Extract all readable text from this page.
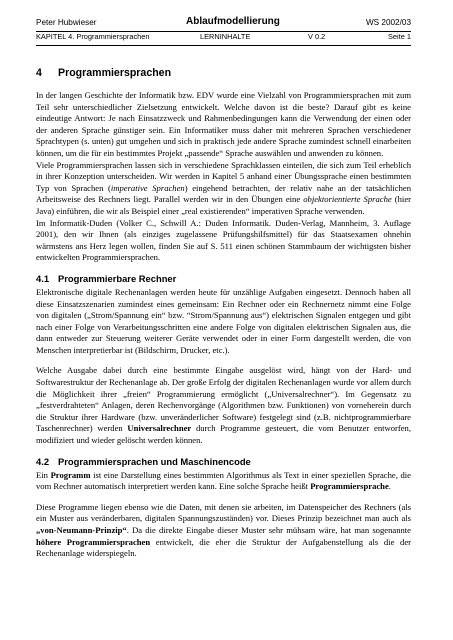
Peter Hubwieser	Ablaufmodellierung	WS 2002/03
KAPITEL 4. Programmiersprachen	LERNINHALTE	V 0.2	Seite 1
4	Programmiersprachen

In der langen Geschichte der Informatik bzw. EDV wurde eine Vielzahl von Programmiersprachen mit zum Teil sehr unterschiedlicher Zielsetzung entwickelt. Welche davon ist die beste? Darauf gibt es keine eindeutige Antwort: Je nach Einsatzzweck und Rahmenbedingungen kann die Verwendung der einen oder der anderen Sprache günstiger sein. Ein Informatiker muss daher mit mehreren Sprachen verschiedener Sprachtypen (s. unten) gut umgehen und sich in praktisch jede andere Sprache zumindest schnell einarbeiten können, um die für ein bestimmtes Projekt „passende“ Sprache auswählen und anwenden zu können.

Viele Programmiersprachen lassen sich in verschiedene Sprachklassen einteilen, die sich zum Teil erheblich in ihrer Konzeption unterscheiden. Wir werden in Kapitel 5 anhand einer Übungssprache einen bestimmten Typ von Sprachen (imperative Sprachen) eingehend betrachten, der relativ nahe an der tatsächlichen Arbeitsweise des Rechners liegt. Parallel werden wir in den Übungen eine objektorientierte Sprache (hier Java) einführen, die wir als Beispiel einer „real existierenden“ imperativen Sprache verwenden.

Im Informatik-Duden (Volker C., Schwill A.: Duden Informatik. Duden-Verlag, Mannheim, 3. Auflage 2001), den wir Ihnen (als einziges zugelassene Prüfungshilfsmittel) für das Staatsexamen ohnehin wärmstens ans Herz legen wollen, finden Sie auf S. 511 einen schönen Stammbaum der wichtigsten bisher entwickelten Programmiersprachen.

4.1 Programmierbare Rechner

Elektronische digitale Rechenanlagen werden heute für unzählige Aufgaben eingesetzt. Dennoch haben all diese Einsatzszenarien zumindest eines gemeinsam: Ein Rechner oder ein Rechnernetz nimmt eine Folge von digitalen („Strom/Spannung ein“ bzw. “Strom/Spannung aus“) elektrischen Signalen entgegen und gibt nach einer Folge von Verarbeitungsschritten eine andere Folge von digitalen elektrischen Signalen aus, die dann entweder zur Steuerung weiterer Geräte verwendet oder in einer Form dargestellt werden, die von Menschen interpretierbar ist (Bildschirm, Drucker, etc.).

Welche Ausgabe dabei durch eine bestimmte Eingabe ausgelöst wird, hängt von der Hard- und Softwarestruktur der Rechenanlage ab. Der große Erfolg der digitalen Rechenanlagen wurde vor allem durch die Möglichkeit ihrer „freien“ Programmierung ermöglicht („Universalrechner“). Im Gegensatz zu „festverdrahteten“ Anlagen, deren Rechenvorgänge (Algorithmen bzw. Funktionen) von vorneherein durch die Struktur ihrer Hardware (bzw. unveränderlicher Software) festgelegt sind (z.B. nichtprogrammierbare Taschenrechner) werden Universalrechner durch Programme gesteuert, die vom Benutzer entworfen, modifiziert und wieder gelöscht werden können.

4.2 Programmiersprachen und Maschinencode

Ein Programm ist eine Darstellung eines bestimmten Algorithmus als Text in einer speziellen Sprache, die vom Rechner automatisch interpretiert werden kann. Eine solche Sprache heißt Programmiersprache.

Diese Programme liegen ebenso wie die Daten, mit denen sie arbeiten, im Datenspeicher des Rechners (als ein Muster aus veränderbaren, digitalen Spannungszuständen) vor. Dieses Prinzip bezeichnet man auch als „von-Neumann-Prinzip“. Da die direkte Eingabe dieser Muster sehr mühsam wäre, hat man sogenannte höhere Programmiersprachen entwickelt, die eher die Struktur der Aufgabenstellung als die der Rechenanlage widerspiegeln.
